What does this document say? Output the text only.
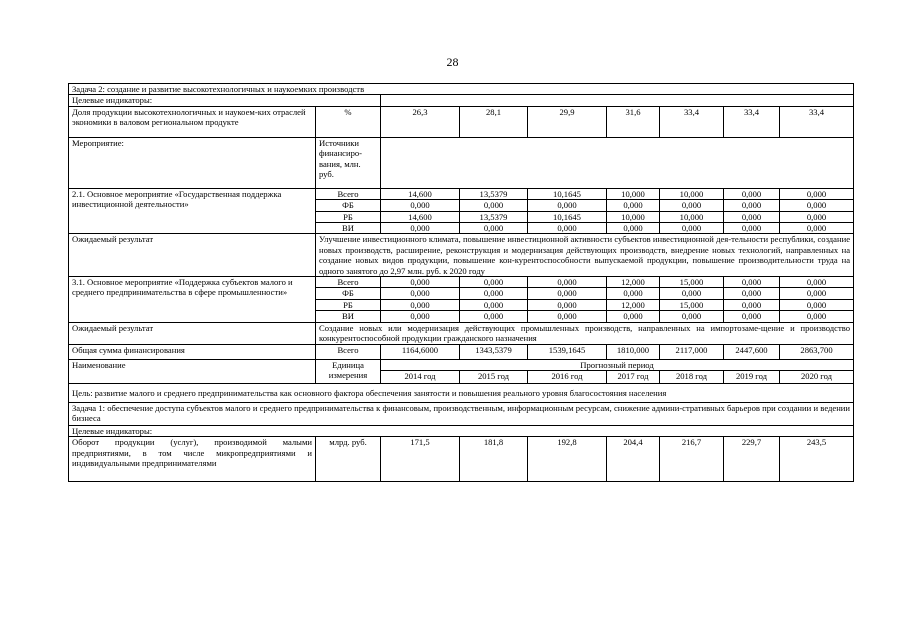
28
Задача 2: создание и развитие высокотехнологичных и наукоемких производств								
Целевые индикаторы:								
Доля продукции высокотехнологичных и наукоем-ких отраслей экономики в валовом региональном продукте	%	26,3	28,1	29,9	31,6	33,4	33,4	33,4
Мероприятие:	Источники финансиро-вания, млн. руб.							
2.1. Основное мероприятие «Государственная поддержка инвестиционной деятельности»	Всего	14,600	13,5379	10,1645	10,000	10,000	0,000	0,000
	ФБ	0,000	0,000	0,000	0,000	0,000	0,000	0,000
	РБ	14,600	13,5379	10,1645	10,000	10,000	0,000	0,000
	ВИ	0,000	0,000	0,000	0,000	0,000	0,000	0,000
Ожидаемый результат	Улучшение инвестиционного климата, повышение инвестиционной активности субъектов инвестиционной дея-тельности республики, создание новых производств, расширение, реконструкция и модернизация действующих производств, внедрение новых технологий, направленных на создание новых видов продукции, повышение кон-курентоспособности выпускаемой продукции, повышение производительности труда на одного занятого до 2,97 млн. руб. к 2020 году							
3.1. Основное мероприятие «Поддержка субъектов малого и среднего предпринимательства в сфере промышленности»	Всего	0,000	0,000	0,000	12,000	15,000	0,000	0,000
	ФБ	0,000	0,000	0,000	0,000	0,000	0,000	0,000
	РБ	0,000	0,000	0,000	12,000	15,000	0,000	0,000
	ВИ	0,000	0,000	0,000	0,000	0,000	0,000	0,000
Ожидаемый результат	Создание новых или модернизация действующих промышленных производств, направленных на импортозаме-щение и производство конкурентоспособной продукции гражданского назначения							
Общая сумма финансирования	Всего	1164,6000	1343,5379	1539,1645	1810,000	2117,000	2447,600	2863,700
Наименование	Единица измерения	Прогнозный период						
		2014 год	2015 год	2016 год	2017 год	2018 год	2019 год	2020 год
Цель: развитие малого и среднего предпринимательства как основного фактора обеспечения занятости и повышения реального уровня благосостояния населения								
Задача 1: обеспечение доступа субъектов малого и среднего предпринимательства к финансовым, производственным, информационным ресурсам, снижение админи-стративных барьеров при создании и ведении бизнеса								
Целевые индикаторы:								
Оборот продукции (услуг), производимой малыми предприятиями, в том числе микропредприятиями и индивидуальными предпринимателями	млрд. руб.	171,5	181,8	192,8	204,4	216,7	229,7	243,5
